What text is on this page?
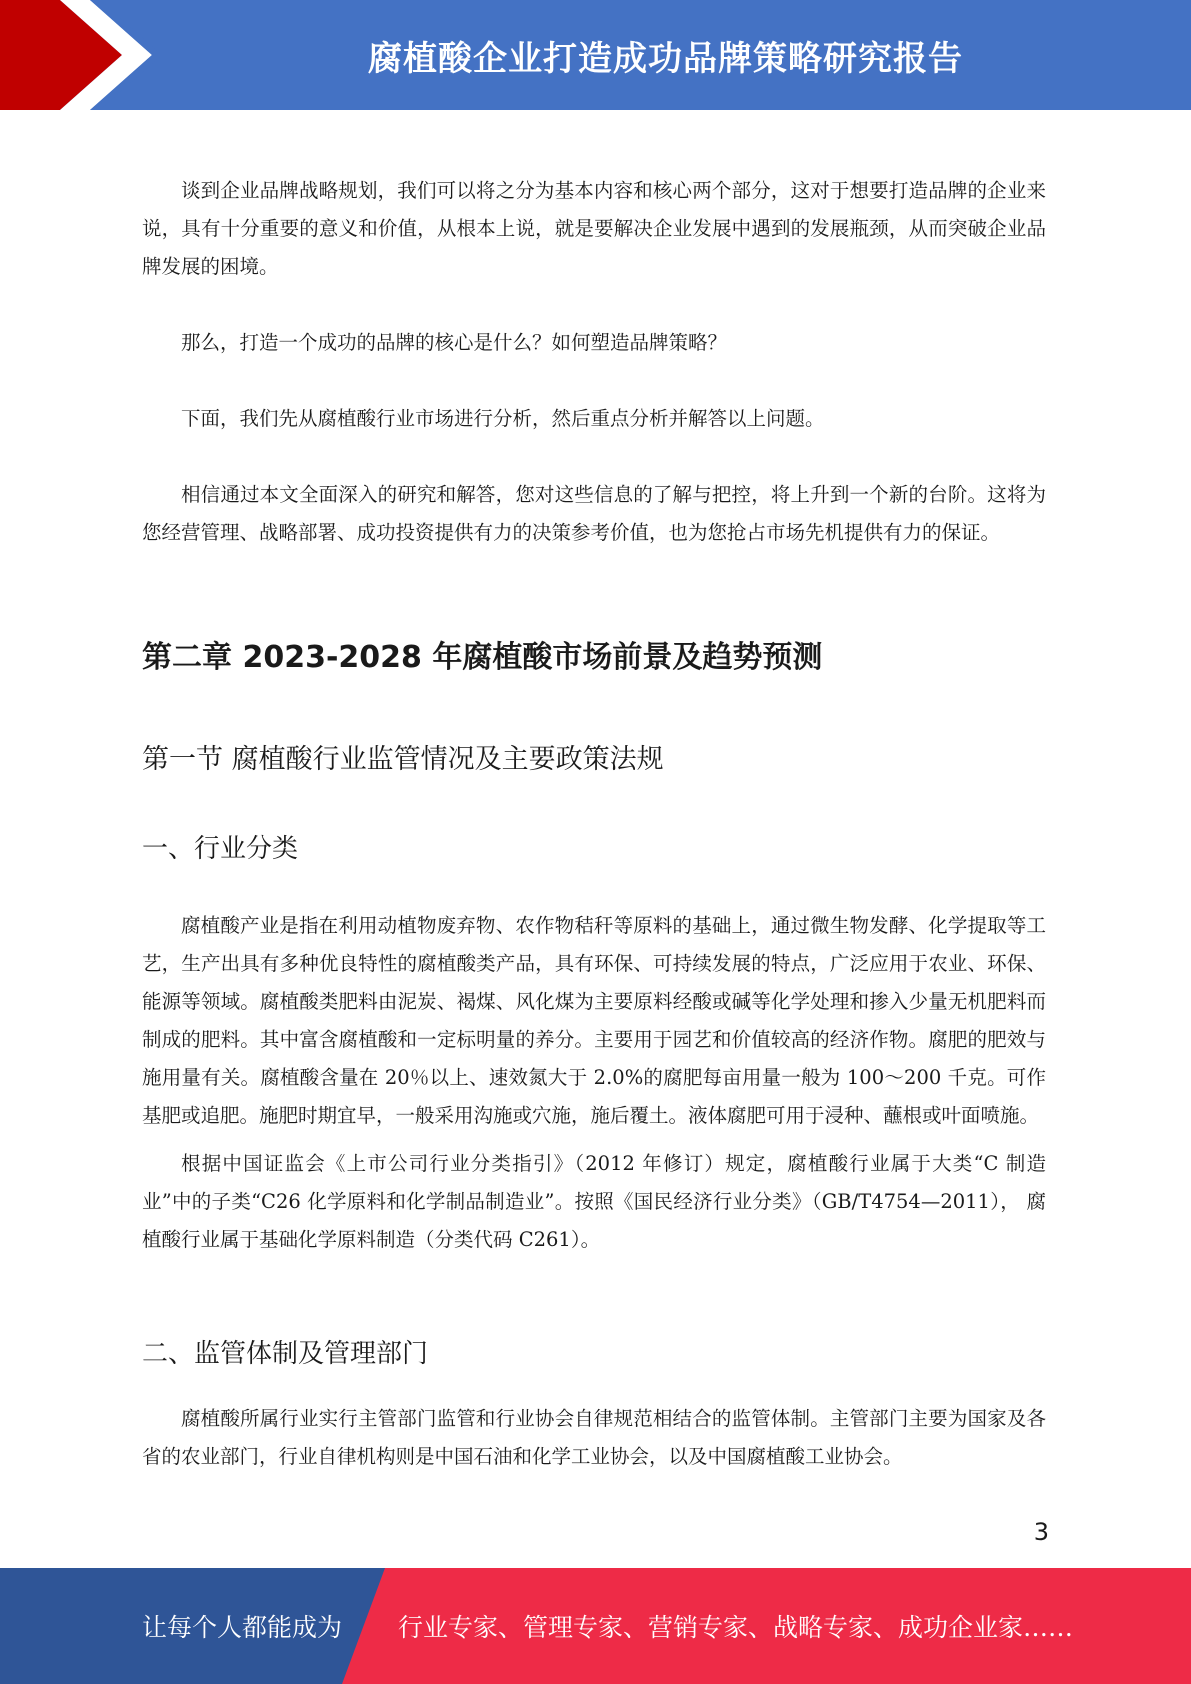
腐植酸企业打造成功品牌策略研究报告

谈到企业品牌战略规划，我们可以将之分为基本内容和核心两个部分，这对于想要打造品牌的企业来说，具有十分重要的意义和价值，从根本上说，就是要解决企业发展中遇到的发展瓶颈，从而突破企业品牌发展的困境。

那么，打造一个成功的品牌的核心是什么？如何塑造品牌策略？

下面，我们先从腐植酸行业市场进行分析，然后重点分析并解答以上问题。

相信通过本文全面深入的研究和解答，您对这些信息的了解与把控，将上升到一个新的台阶。这将为您经营管理、战略部署、成功投资提供有力的决策参考价值，也为您抢占市场先机提供有力的保证。

第二章 2023-2028 年腐植酸市场前景及趋势预测
第一节 腐植酸行业监管情况及主要政策法规
一、行业分类

腐植酸产业是指在利用动植物废弃物、农作物秸秆等原料的基础上，通过微生物发酵、化学提取等工艺，生产出具有多种优良特性的腐植酸类产品，具有环保、可持续发展的特点，广泛应用于农业、环保、能源等领域。腐植酸类肥料由泥炭、褐煤、风化煤为主要原料经酸或碱等化学处理和掺入少量无机肥料而制成的肥料。其中富含腐植酸和一定标明量的养分。主要用于园艺和价值较高的经济作物。腐肥的肥效与施用量有关。腐植酸含量在 20％以上、速效氮大于 2.0%的腐肥每亩用量一般为 100～200 千克。可作基肥或追肥。施肥时期宜早，一般采用沟施或穴施，施后覆土。液体腐肥可用于浸种、蘸根或叶面喷施。

根据中国证监会《上市公司行业分类指引》（2012 年修订）规定，腐植酸行业属于大类“C 制造业”中的子类“C26 化学原料和化学制品制造业”。按照《国民经济行业分类》（GB/T4754—2011）， 腐植酸行业属于基础化学原料制造（分类代码 C261）。

二、监管体制及管理部门

腐植酸所属行业实行主管部门监管和行业协会自律规范相结合的监管体制。主管部门主要为国家及各省的农业部门，行业自律机构则是中国石油和化学工业协会，以及中国腐植酸工业协会。

3
让每个人都能成为 行业专家、管理专家、营销专家、战略专家、成功企业家……
